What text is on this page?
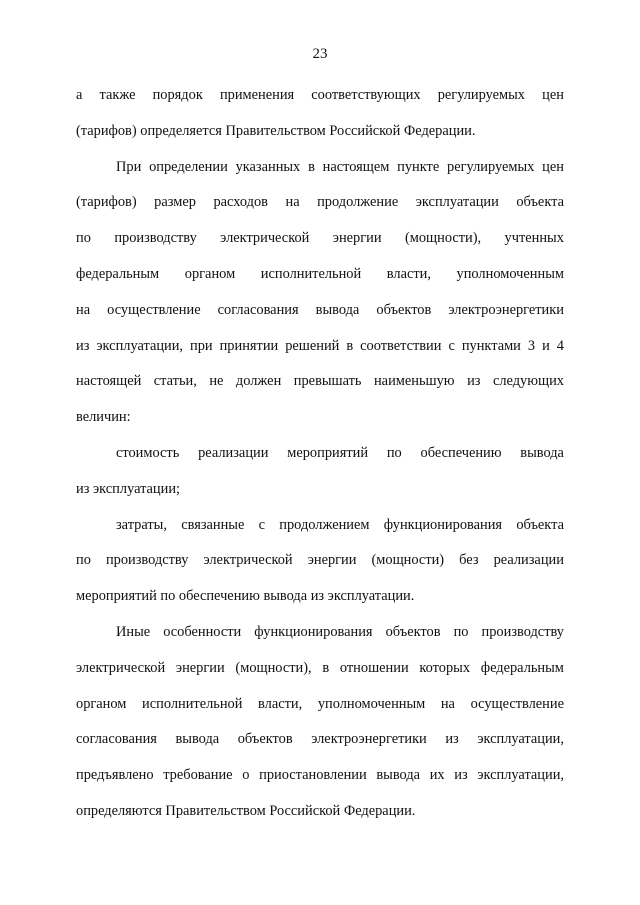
23
а также порядок применения соответствующих регулируемых цен
(тарифов) определяется Правительством Российской Федерации.
При определении указанных в настоящем пункте регулируемых цен
(тарифов) размер расходов на продолжение эксплуатации объекта
по производству электрической энергии (мощности), учтенных
федеральным органом исполнительной власти, уполномоченным
на осуществление согласования вывода объектов электроэнергетики
из эксплуатации, при принятии решений в соответствии с пунктами 3 и 4
настоящей статьи, не должен превышать наименьшую из следующих
величин:
стоимость реализации мероприятий по обеспечению вывода
из эксплуатации;
затраты, связанные с продолжением функционирования объекта
по производству электрической энергии (мощности) без реализации
мероприятий по обеспечению вывода из эксплуатации.
Иные особенности функционирования объектов по производству
электрической энергии (мощности), в отношении которых федеральным
органом исполнительной власти, уполномоченным на осуществление
согласования вывода объектов электроэнергетики из эксплуатации,
предъявлено требование о приостановлении вывода их из эксплуатации,
определяются Правительством Российской Федерации.
